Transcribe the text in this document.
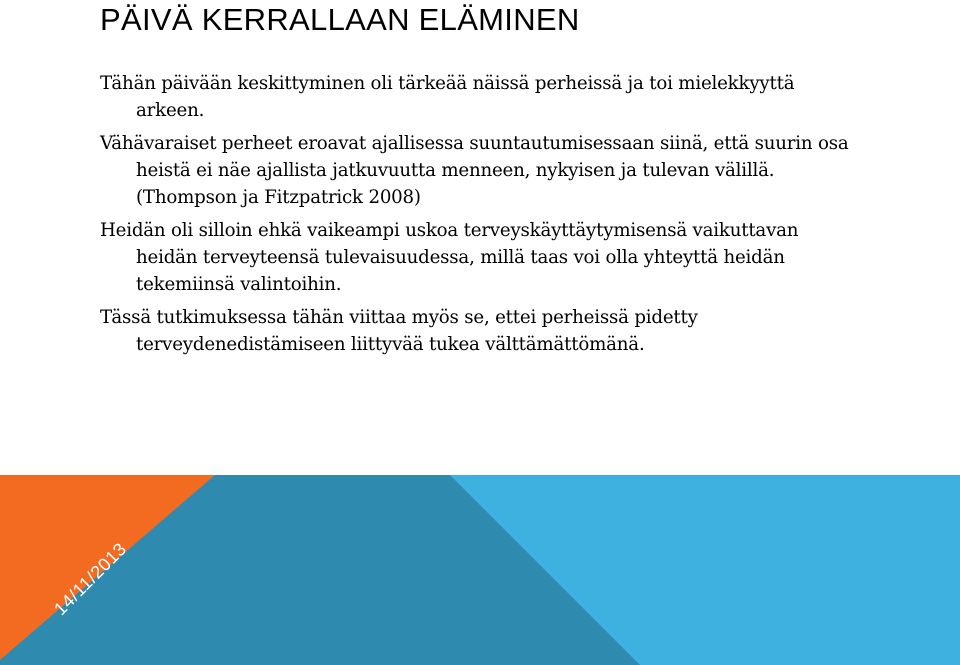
PÄIVÄ KERRALLAAN ELÄMINEN

Tähän päivään keskittyminen oli tärkeää näissä perheissä ja toi mielekkyyttä arkeen.

Vähävaraiset perheet eroavat ajallisessa suuntautumisessaan siinä, että suurin osa heistä ei näe ajallista jatkuvuutta menneen, nykyisen ja tulevan välillä. (Thompson ja Fitzpatrick 2008)

Heidän oli silloin ehkä vaikeampi uskoa terveyskäyttäytymisensä vaikuttavan heidän terveyteensä tulevaisuudessa, millä taas voi olla yhteyttä heidän tekemiinsä valintoihin.

Tässä tutkimuksessa tähän viittaa myös se, ettei perheissä pidetty terveydenedistämiseen liittyvää tukea välttämättömänä.

14/11/2013
